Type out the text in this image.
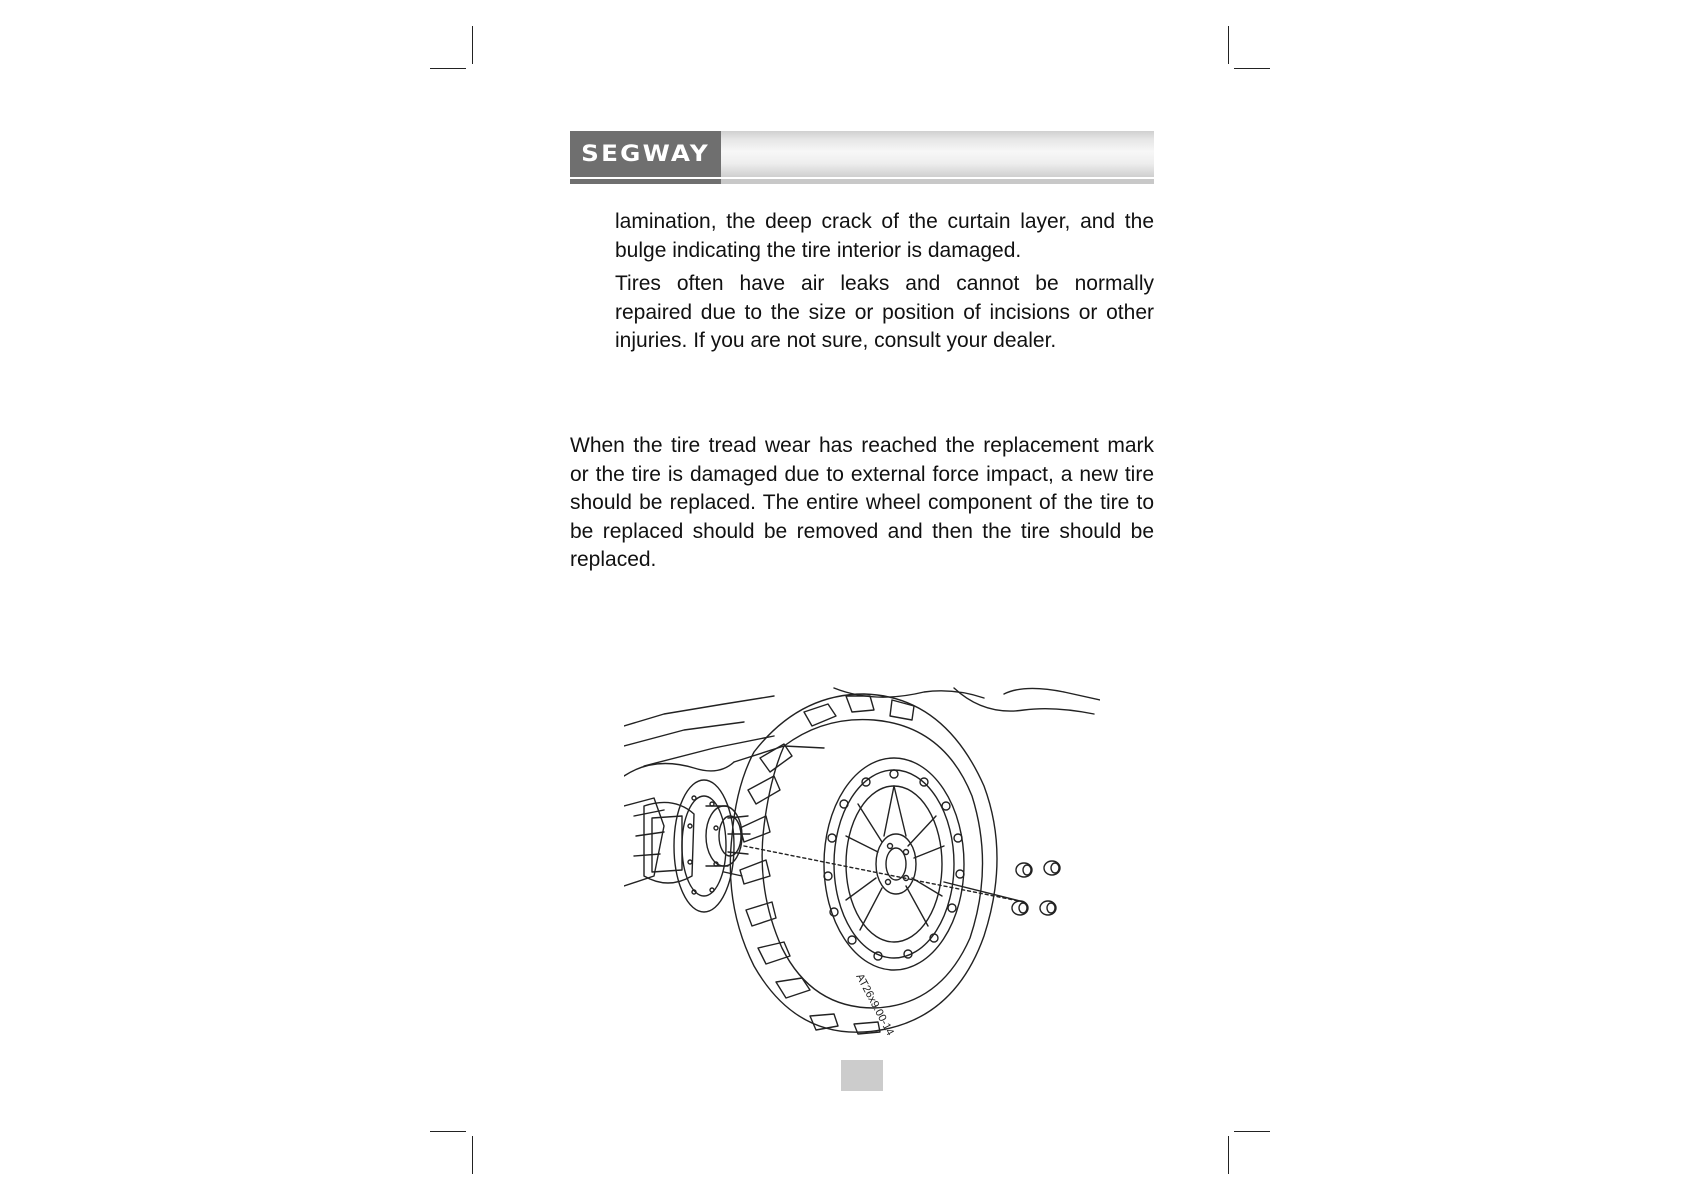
SEGWAY

lamination, the deep crack of the curtain layer, and the bulge indicating the tire interior is damaged.

Tires often have air leaks and cannot be normally repaired due to the size or position of incisions or other injuries. If you are not sure, consult your dealer.

When the tire tread wear has reached the replacement mark or the tire is damaged due to external force impact, a new tire should be replaced. The entire wheel component of the tire to be replaced should be removed and then the tire should be replaced.

AT26x9.00-14
